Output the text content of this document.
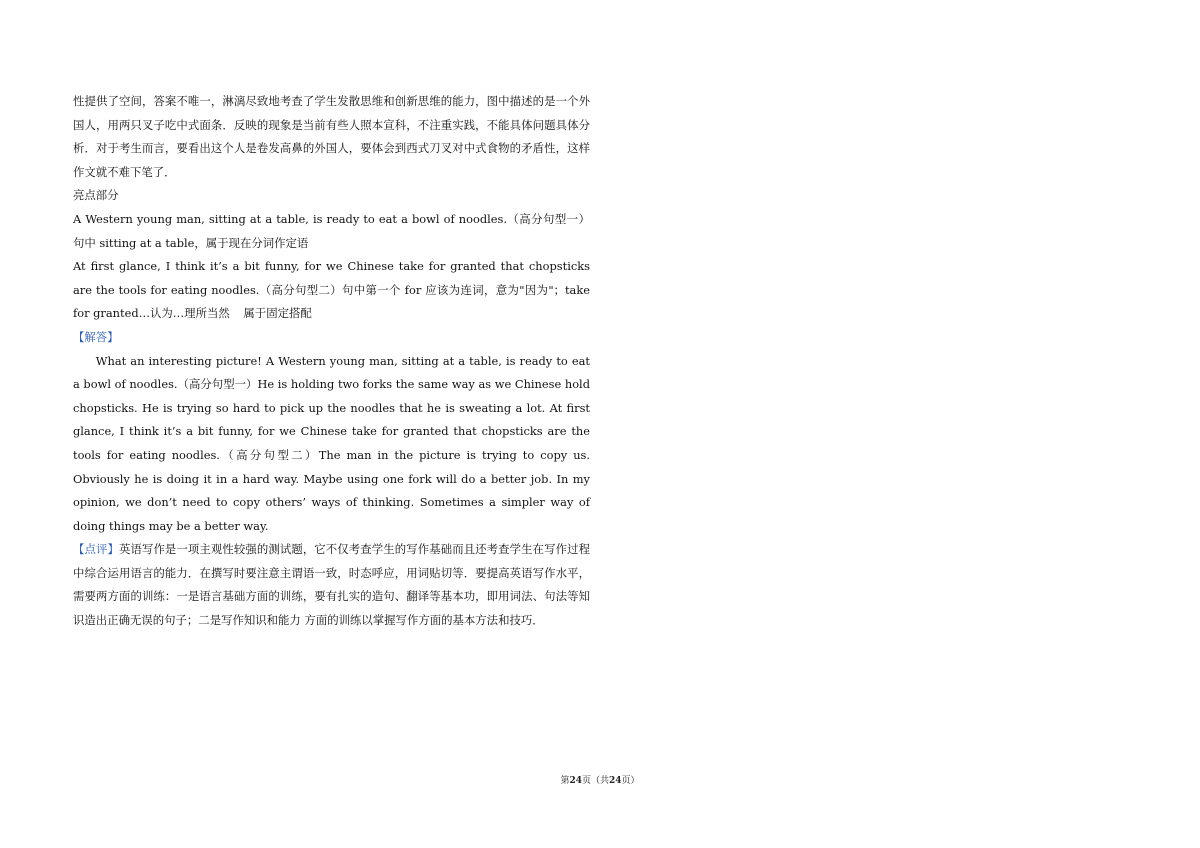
性提供了空间，答案不唯一，淋漓尽致地考查了学生发散思维和创新思维的能力，图中描述的是一个外国人，用两只叉子吃中式面条．反映的现象是当前有些人照本宣科，不注重实践，不能具体问题具体分析．对于考生而言，要看出这个人是卷发高鼻的外国人，要体会到西式刀叉对中式食物的矛盾性，这样作文就不难下笔了．

亮点部分

A Western young man, sitting at a table, is ready to eat a bowl of noodles.（高分句型一）句中 sitting at a table，属于现在分词作定语

At first glance, I think it’s a bit funny, for we Chinese take for granted that chopsticks are the tools for eating noodles.（高分句型二）句中第一个 for 应该为连词，意为"因为"；take for granted…认为…理所当然 属于固定搭配

【解答】

What an interesting picture! A Western young man, sitting at a table, is ready to eat a bowl of noodles.（高分句型一）He is holding two forks the same way as we Chinese hold chopsticks. He is trying so hard to pick up the noodles that he is sweating a lot. At first glance, I think it’s a bit funny, for we Chinese take for granted that chopsticks are the tools for eating noodles.（高分句型二）The man in the picture is trying to copy us. Obviously he is doing it in a hard way. Maybe using one fork will do a better job. In my opinion, we don’t need to copy others’ ways of thinking. Sometimes a simpler way of doing things may be a better way.

【点评】英语写作是一项主观性较强的测试题，它不仅考查学生的写作基础而且还考查学生在写作过程中综合运用语言的能力．在撰写时要注意主谓语一致，时态呼应，用词贴切等．要提高英语写作水平，需要两方面的训练：一是语言基础方面的训练，要有扎实的造句、翻译等基本功，即用词法、句法等知识造出正确无误的句子；二是写作知识和能力 方面的训练以掌握写作方面的基本方法和技巧．

第24页（共24页）
